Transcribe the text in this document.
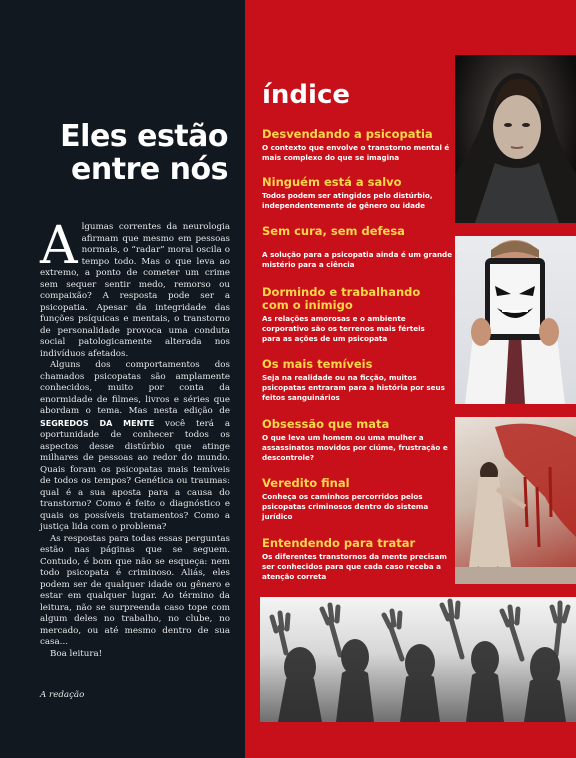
Eles estão
entre nós

Algumas correntes da neurologia afirmam que mesmo em pessoas normais, o “radar” moral oscila o tempo todo. Mas o que leva ao extremo, a ponto de cometer um crime sem sequer sentir medo, remorso ou compaixão? A resposta pode ser a psicopatia. Apesar da integridade das funções psíquicas e mentais, o transtorno de personalidade provoca uma conduta social patologicamente alterada nos indivíduos afetados.

Alguns dos comportamentos dos chamados psicopatas são amplamente conhecidos, muito por conta da enormidade de filmes, livros e séries que abordam o tema. Mas nesta edição de SEGREDOS DA MENTE você terá a oportunidade de conhecer todos os aspectos desse distúrbio que atinge milhares de pessoas ao redor do mundo. Quais foram os psicopatas mais temíveis de todos os tempos? Genética ou traumas: qual é a sua aposta para a causa do transtorno? Como é feito o diagnóstico e quais os possíveis tratamentos? Como a justiça lida com o problema?

As respostas para todas essas perguntas estão nas páginas que se seguem. Contudo, é bom que não se esqueça: nem todo psicopata é criminoso. Aliás, eles podem ser de qualquer idade ou gênero e estar em qualquer lugar. Ao término da leitura, não se surpreenda caso tope com algum deles no trabalho, no clube, no mercado, ou até mesmo dentro de sua casa...

Boa leitura!

A redação
índice
Desvendando a psicopatia
O contexto que envolve o transtorno mental é mais complexo do que se imagina
Ninguém está a salvo
Todos podem ser atingidos pelo distúrbio, independentemente de gênero ou idade
Sem cura, sem defesa
A solução para a psicopatia ainda é um grande mistério para a ciência
Dormindo e trabalhando com o inimigo
As relações amorosas e o ambiente corporativo são os terrenos mais férteis para as ações de um psicopata
Os mais temíveis
Seja na realidade ou na ficção, muitos psicopatas entraram para a história por seus feitos sanguinários
Obsessão que mata
O que leva um homem ou uma mulher a assassinatos movidos por ciúme, frustração e descontrole?
Veredito final
Conheça os caminhos percorridos pelos psicopatas criminosos dentro do sistema jurídico
Entendendo para tratar
Os diferentes transtornos da mente precisam ser conhecidos para que cada caso receba a atenção correta
